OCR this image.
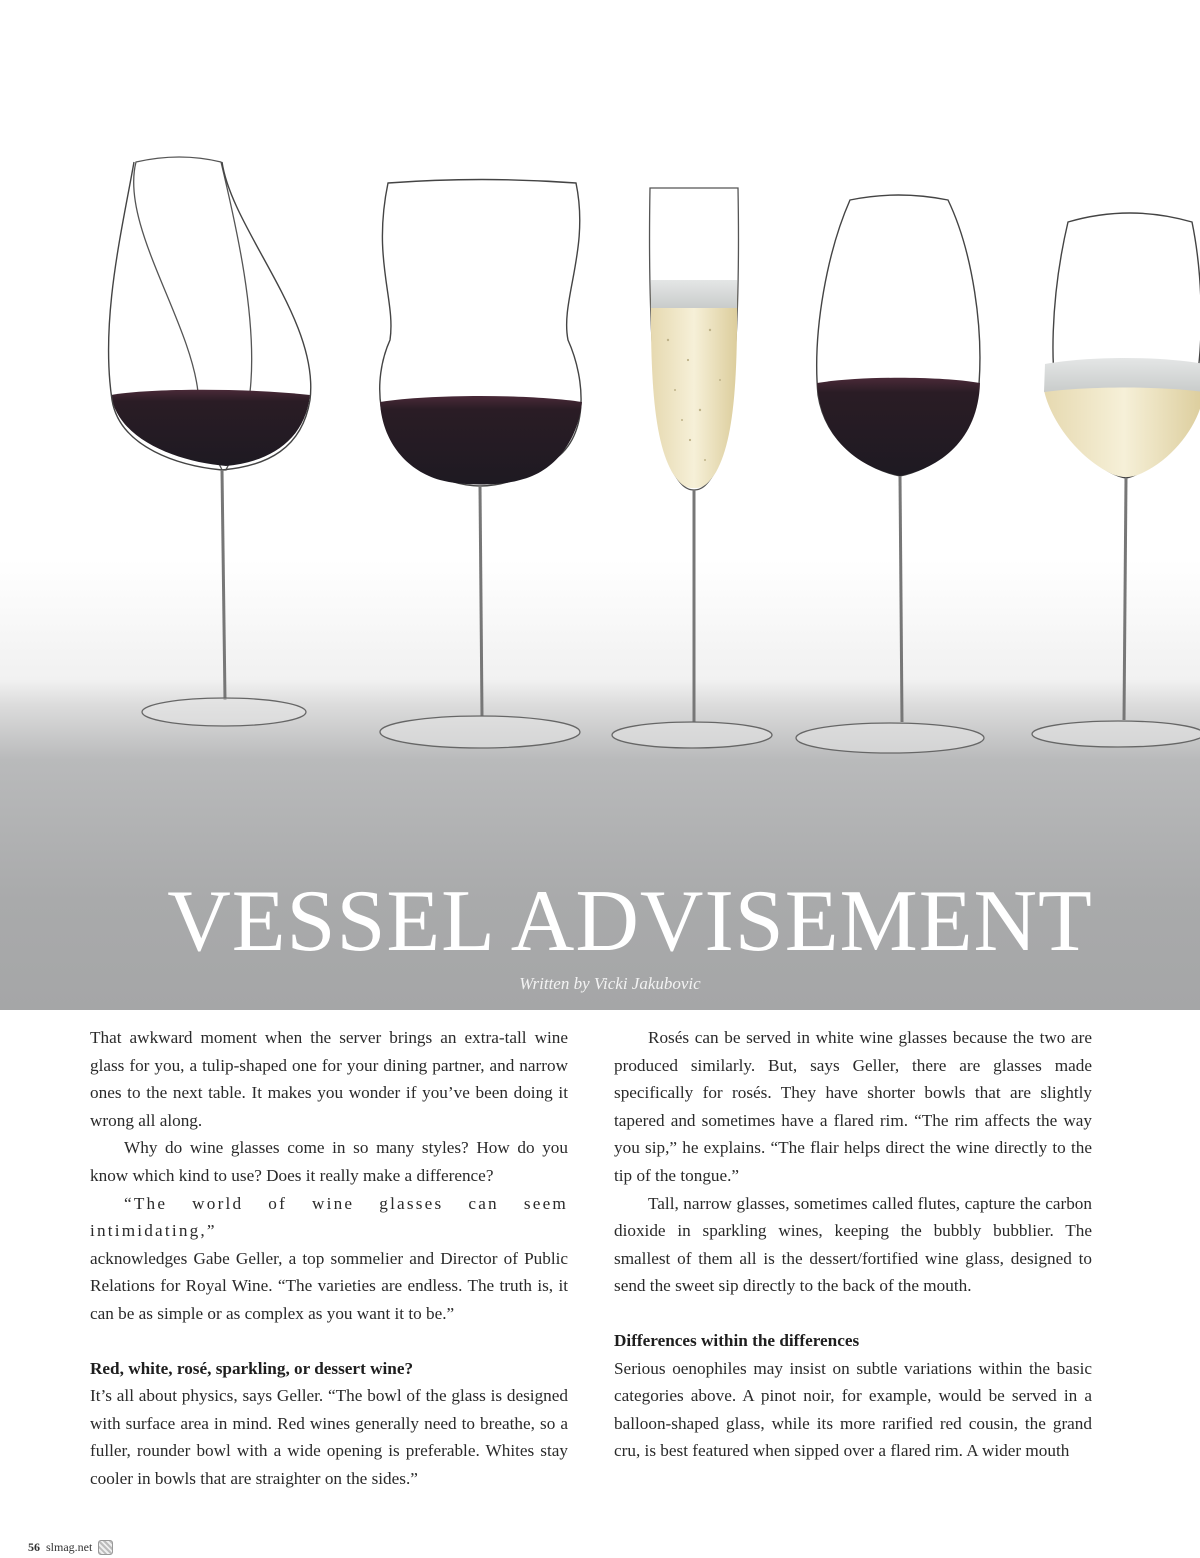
VESSEL ADVISEMENT
Written by Vicki Jakubovic

That awkward moment when the server brings an extra-tall wine glass for you, a tulip-shaped one for your dining partner, and narrow ones to the next table. It makes you wonder if you’ve been doing it wrong all along.

Why do wine glasses come in so many styles? How do you know which kind to use? Does it really make a difference?

“The world of wine glasses can seem intimidating,”

acknowledges Gabe Geller, a top sommelier and Director of Public Relations for Royal Wine. “The varieties are endless. The truth is, it can be as simple or as complex as you want it to be.”

Red, white, rosé, sparkling, or dessert wine?

It’s all about physics, says Geller. “The bowl of the glass is designed with surface area in mind. Red wines generally need to breathe, so a fuller, rounder bowl with a wide opening is preferable. Whites stay cooler in bowls that are straighter on the sides.”

Rosés can be served in white wine glasses because the two are produced similarly. But, says Geller, there are glasses made specifically for rosés. They have shorter bowls that are slightly tapered and sometimes have a flared rim. “The rim affects the way you sip,” he explains. “The flair helps direct the wine directly to the tip of the tongue.”

Tall, narrow glasses, sometimes called flutes, capture the carbon dioxide in sparkling wines, keeping the bubbly bubblier. The smallest of them all is the dessert/fortified wine glass, designed to send the sweet sip directly to the back of the mouth.

Differences within the differences

Serious oenophiles may insist on subtle variations within the basic categories above. A pinot noir, for example, would be served in a balloon-shaped glass, while its more rarified red cousin, the grand cru, is best featured when sipped over a flared rim. A wider mouth

56 slmag.net
